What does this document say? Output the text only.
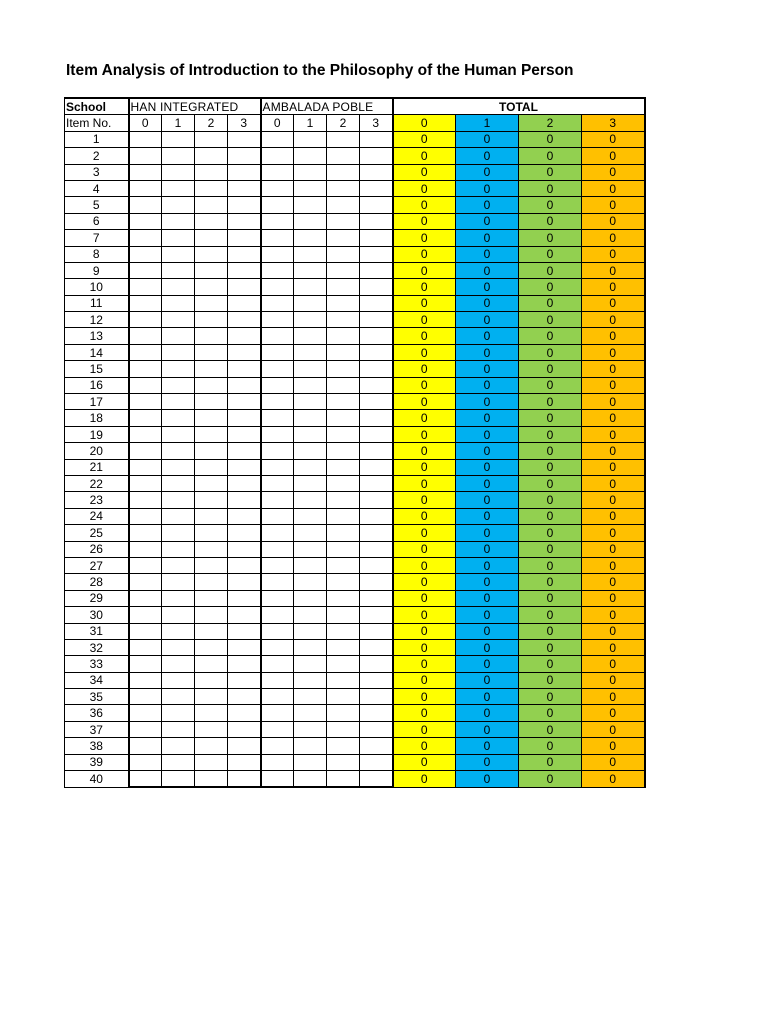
Item Analysis of Introduction to the Philosophy of the Human Person
School	HAN INTEGRATED				AMBALADA POBLE				TOTAL			
Item No.	0	1	2	3	0	1	2	3	0	1	2	3
1									0	0	0	0
2									0	0	0	0
3									0	0	0	0
4									0	0	0	0
5									0	0	0	0
6									0	0	0	0
7									0	0	0	0
8									0	0	0	0
9									0	0	0	0
10									0	0	0	0
11									0	0	0	0
12									0	0	0	0
13									0	0	0	0
14									0	0	0	0
15									0	0	0	0
16									0	0	0	0
17									0	0	0	0
18									0	0	0	0
19									0	0	0	0
20									0	0	0	0
21									0	0	0	0
22									0	0	0	0
23									0	0	0	0
24									0	0	0	0
25									0	0	0	0
26									0	0	0	0
27									0	0	0	0
28									0	0	0	0
29									0	0	0	0
30									0	0	0	0
31									0	0	0	0
32									0	0	0	0
33									0	0	0	0
34									0	0	0	0
35									0	0	0	0
36									0	0	0	0
37									0	0	0	0
38									0	0	0	0
39									0	0	0	0
40									0	0	0	0
